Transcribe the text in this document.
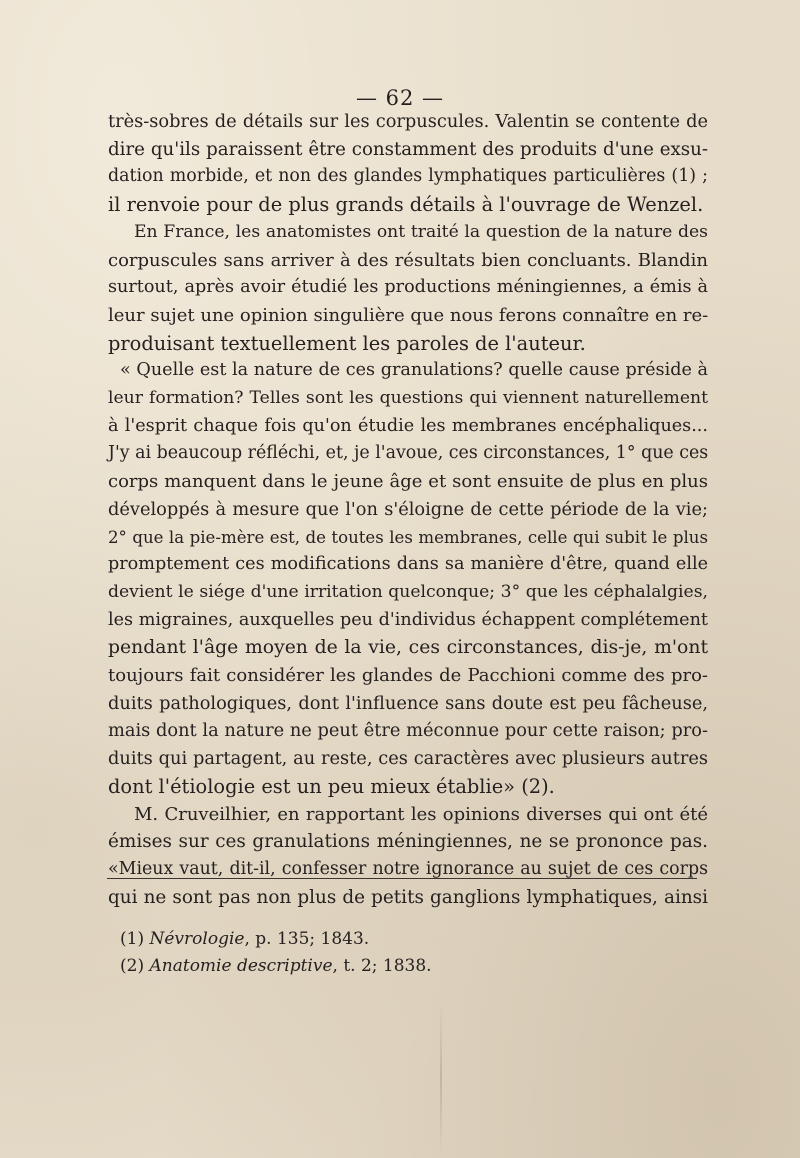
— 62 —
très-sobres de détails sur les corpuscules. Valentin se contente de
dire qu'ils paraissent être constamment des produits d'une exsu-
dation morbide, et non des glandes lymphatiques particulières (1) ;
il renvoie pour de plus grands détails à l'ouvrage de Wenzel.
En France, les anatomistes ont traité la question de la nature des
corpuscules sans arriver à des résultats bien concluants. Blandin
surtout, après avoir étudié les productions méningiennes, a émis à
leur sujet une opinion singulière que nous ferons connaître en re-
produisant textuellement les paroles de l'auteur.
« Quelle est la nature de ces granulations? quelle cause préside à
leur formation? Telles sont les questions qui viennent naturellement
à l'esprit chaque fois qu'on étudie les membranes encéphaliques...
J'y ai beaucoup réfléchi, et, je l'avoue, ces circonstances, 1° que ces
corps manquent dans le jeune âge et sont ensuite de plus en plus
développés à mesure que l'on s'éloigne de cette période de la vie;
2° que la pie-mère est, de toutes les membranes, celle qui subit le plus
promptement ces modifications dans sa manière d'être, quand elle
devient le siége d'une irritation quelconque; 3° que les céphalalgies,
les migraines, auxquelles peu d'individus échappent complétement
pendant l'âge moyen de la vie, ces circonstances, dis-je, m'ont
toujours fait considérer les glandes de Pacchioni comme des pro-
duits pathologiques, dont l'influence sans doute est peu fâcheuse,
mais dont la nature ne peut être méconnue pour cette raison; pro-
duits qui partagent, au reste, ces caractères avec plusieurs autres
dont l'étiologie est un peu mieux établie» (2).
M. Cruveilhier, en rapportant les opinions diverses qui ont été
émises sur ces granulations méningiennes, ne se prononce pas.
«Mieux vaut, dit-il, confesser notre ignorance au sujet de ces corps
qui ne sont pas non plus de petits ganglions lymphatiques, ainsi
(1) Névrologie, p. 135; 1843.
(2) Anatomie descriptive, t. 2; 1838.
